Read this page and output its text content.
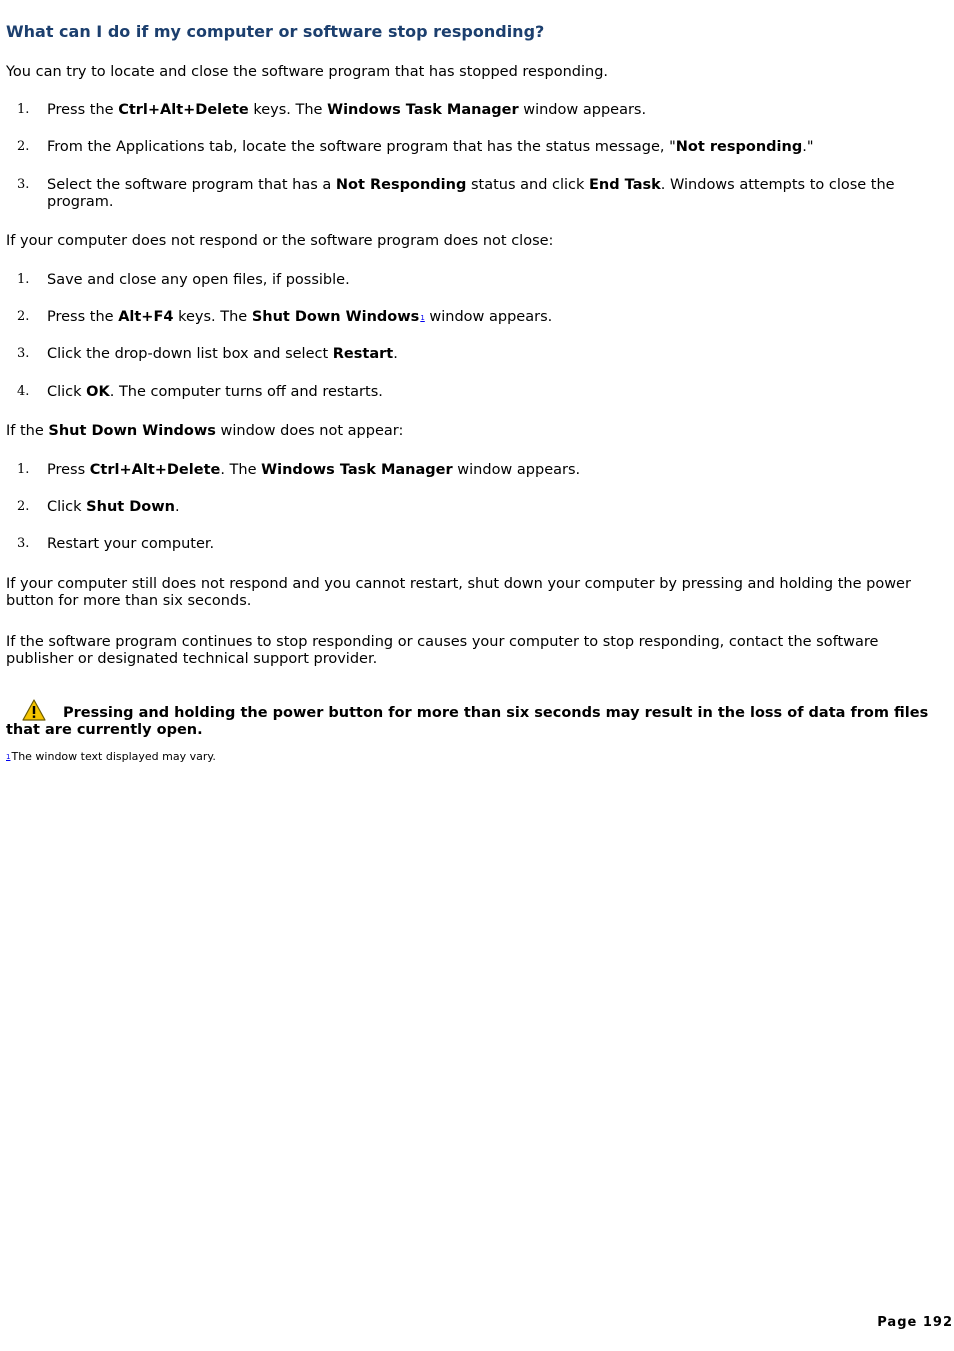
What can I do if my computer or software stop responding?

You can try to locate and close the software program that has stopped responding.

1. Press the Ctrl+Alt+Delete keys. The Windows Task Manager window appears.
2. From the Applications tab, locate the software program that has the status message, "Not responding."
3. Select the software program that has a Not Responding status and click End Task. Windows attempts to close the program.

If your computer does not respond or the software program does not close:

1. Save and close any open files, if possible.
2. Press the Alt+F4 keys. The Shut Down Windows1 window appears.
3. Click the drop-down list box and select Restart.
4. Click OK. The computer turns off and restarts.

If the Shut Down Windows window does not appear:

1. Press Ctrl+Alt+Delete. The Windows Task Manager window appears.
2. Click Shut Down.
3. Restart your computer.

If your computer still does not respond and you cannot restart, shut down your computer by pressing and holding the power button for more than six seconds.

If the software program continues to stop responding or causes your computer to stop responding, contact the software publisher or designated technical support provider.

Pressing and holding the power button for more than six seconds may result in the loss of data from files that are currently open.
1The window text displayed may vary.
Page 192
